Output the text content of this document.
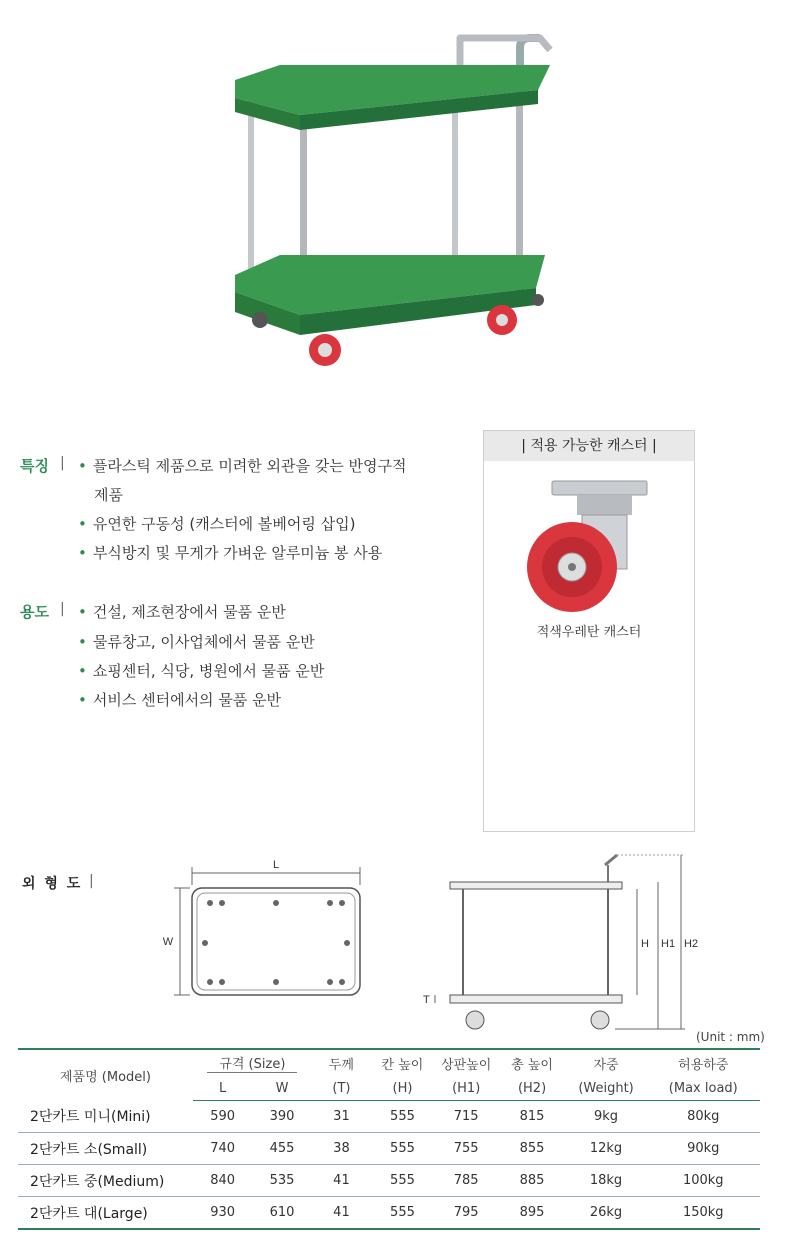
특징 | • 플라스틱 제품으로 미려한 외관을 갖는 반영구적
제품
• 유연한 구동성 (캐스터에 볼베어링 삽입)
• 부식방지 및 무게가 가벼운 알루미늄 봉 사용
용도 | • 건설, 제조현장에서 물품 운반
• 물류창고, 이사업체에서 물품 운반
• 쇼핑센터, 식당, 병원에서 물품 운반
• 서비스 센터에서의 물품 운반
| 적용 가능한 캐스터 |
적색우레탄 캐스터
외 형 도 |
L
W
T
H H1 H2
(Unit : mm)
제품명 (Model)	규격 (Size)		두께	칸 높이	상판높이	총 높이	자중	허용하중
	L	W	(T)	(H)	(H1)	(H2)	(Weight)	(Max load)
2단카트 미니(Mini)	590	390	31	555	715	815	9kg	80kg
2단카트 소(Small)	740	455	38	555	755	855	12kg	90kg
2단카트 중(Medium)	840	535	41	555	785	885	18kg	100kg
2단카트 대(Large)	930	610	41	555	795	895	26kg	150kg
